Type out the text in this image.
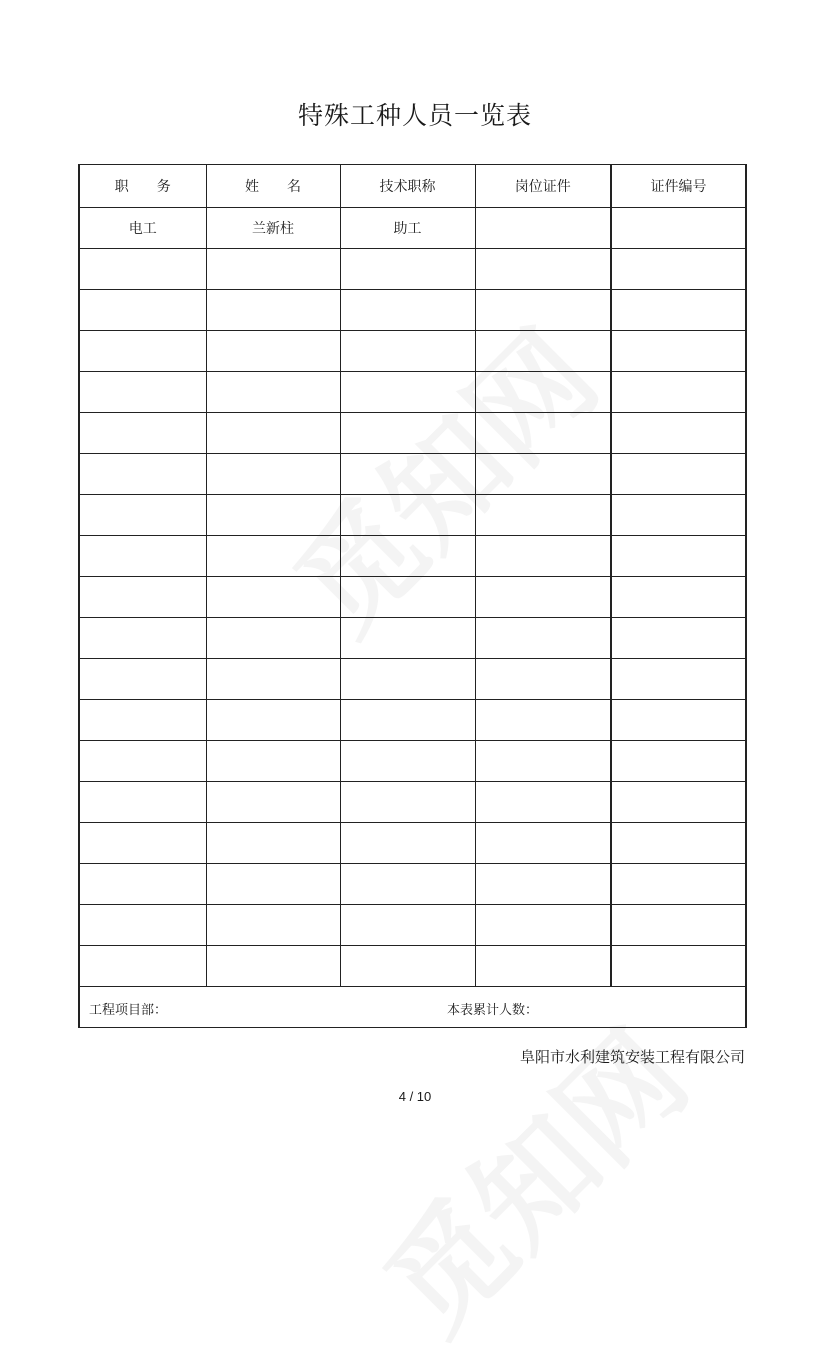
特殊工种人员一览表
职　　务	姓　　名	技术职称	岗位证件	证件编号
电工	兰新柱	助工		

工程项目部： 本表累计人数：				
阜阳市水利建筑安装工程有限公司
4 / 10
